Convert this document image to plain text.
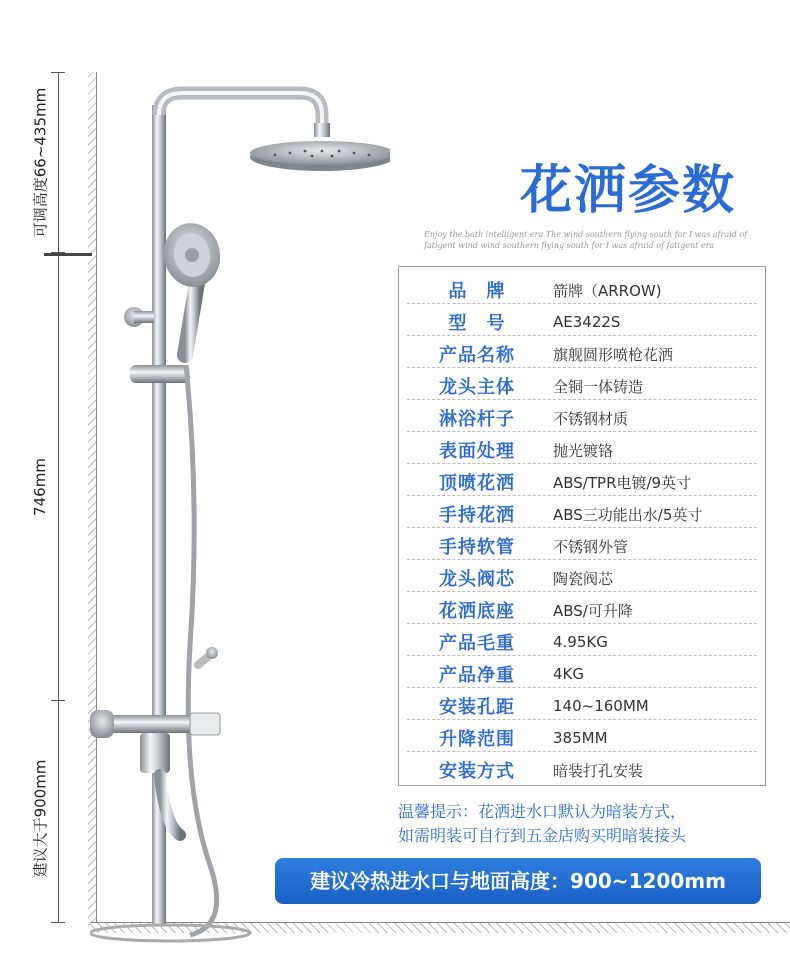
可调高度66~435mm
746mm
建议大于900mm
花洒参数
Enjoy the bath intelligent era The wind southern flying south for I was afraid of fatigent wind wind southern flying south for I was afraid of fatigent era
品　牌	箭牌（ARROW)
型　号	AE3422S
产品名称	旗舰圆形喷枪花洒
龙头主体	全铜一体铸造
淋浴杆子	不锈钢材质
表面处理	抛光镀铬
顶喷花洒	ABS/TPR电镀/9英寸
手持花洒	ABS三功能出水/5英寸
手持软管	不锈钢外管
龙头阀芯	陶瓷阀芯
花洒底座	ABS/可升降
产品毛重	4.95KG
产品净重	4KG
安装孔距	140~160MM
升降范围	385MM
安装方式	暗装打孔安装
温馨提示：花洒进水口默认为暗装方式，
如需明装可自行到五金店购买明暗装接头
建议冷热进水口与地面高度：900~1200mm
